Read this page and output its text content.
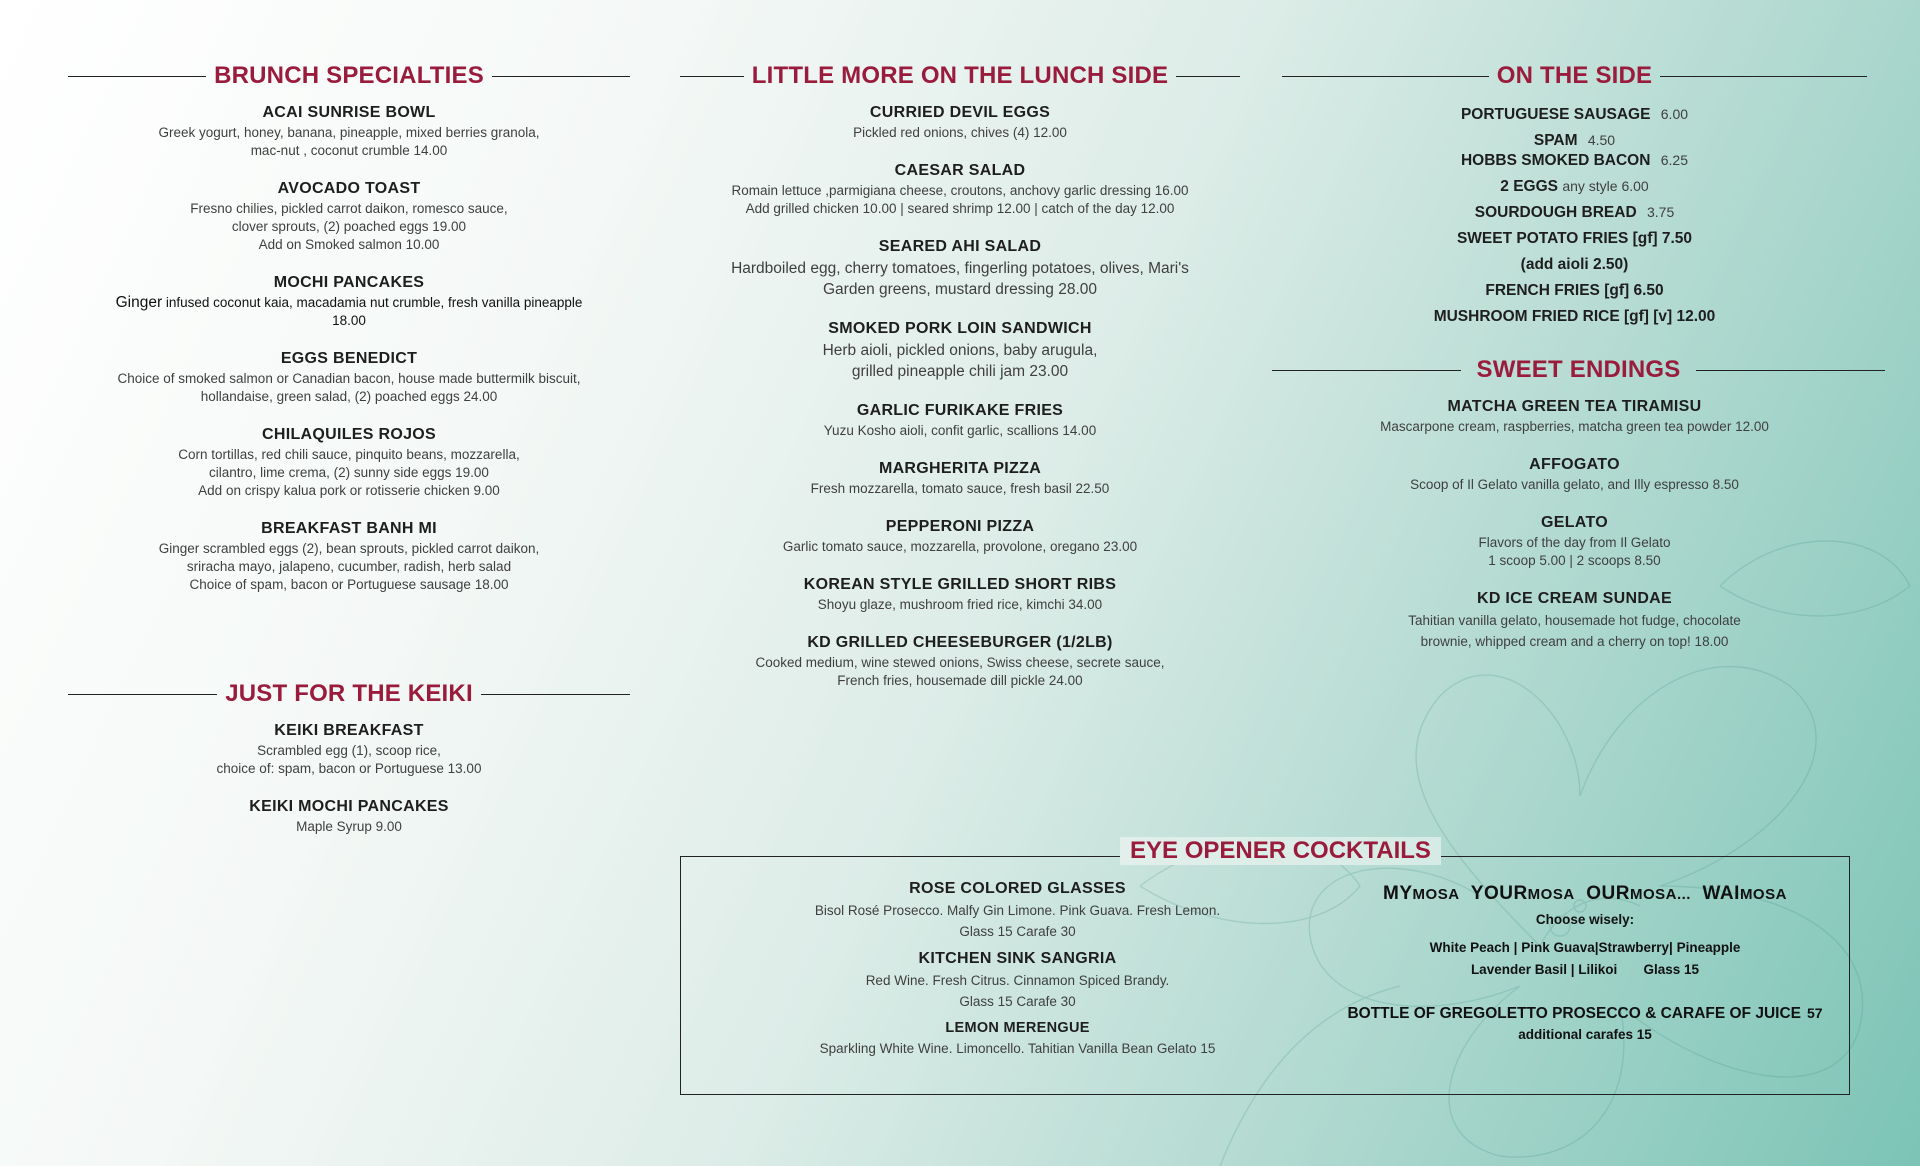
BRUNCH SPECIALTIES
ACAI SUNRISE BOWL
Greek yogurt, honey, banana, pineapple, mixed berries granola,
mac-nut , coconut crumble 14.00
AVOCADO TOAST
Fresno chilies, pickled carrot daikon, romesco sauce,
clover sprouts, (2) poached eggs 19.00
Add on Smoked salmon 10.00
MOCHI PANCAKES
Ginger infused coconut kaia, macadamia nut crumble, fresh vanilla pineapple
18.00
EGGS BENEDICT
Choice of smoked salmon or Canadian bacon, house made buttermilk biscuit,
hollandaise, green salad, (2) poached eggs 24.00
CHILAQUILES ROJOS
Corn tortillas, red chili sauce, pinquito beans, mozzarella,
cilantro, lime crema, (2) sunny side eggs 19.00
Add on crispy kalua pork or rotisserie chicken 9.00
BREAKFAST BANH MI
Ginger scrambled eggs (2), bean sprouts, pickled carrot daikon,
sriracha mayo, jalapeno, cucumber, radish, herb salad
Choice of spam, bacon or Portuguese sausage 18.00
JUST FOR THE KEIKI
KEIKI BREAKFAST
Scrambled egg (1), scoop rice,
choice of: spam, bacon or Portuguese 13.00
KEIKI MOCHI PANCAKES
Maple Syrup 9.00
LITTLE MORE ON THE LUNCH SIDE
CURRIED DEVIL EGGS
Pickled red onions, chives (4) 12.00
CAESAR SALAD
Romain lettuce ,parmigiana cheese, croutons, anchovy garlic dressing 16.00
Add grilled chicken 10.00 | seared shrimp 12.00 | catch of the day 12.00
SEARED AHI SALAD
Hardboiled egg, cherry tomatoes, fingerling potatoes, olives, Mari's
Garden greens, mustard dressing 28.00
SMOKED PORK LOIN SANDWICH
Herb aioli, pickled onions, baby arugula,
grilled pineapple chili jam 23.00
GARLIC FURIKAKE FRIES
Yuzu Kosho aioli, confit garlic, scallions 14.00
MARGHERITA PIZZA
Fresh mozzarella, tomato sauce, fresh basil 22.50
PEPPERONI PIZZA
Garlic tomato sauce, mozzarella, provolone, oregano 23.00
KOREAN STYLE GRILLED SHORT RIBS
Shoyu glaze, mushroom fried rice, kimchi 34.00
KD GRILLED CHEESEBURGER (1/2LB)
Cooked medium, wine stewed onions, Swiss cheese, secrete sauce,
French fries, housemade dill pickle 24.00
ON THE SIDE
PORTUGUESE SAUSAGE 6.00
SPAM 4.50
HOBBS SMOKED BACON 6.25
2 EGGS any style 6.00
SOURDOUGH BREAD 3.75
SWEET POTATO FRIES [gf] 7.50
(add aioli 2.50)
FRENCH FRIES [gf] 6.50
MUSHROOM FRIED RICE [gf] [v] 12.00
SWEET ENDINGS
MATCHA GREEN TEA TIRAMISU
Mascarpone cream, raspberries, matcha green tea powder 12.00
AFFOGATO
Scoop of Il Gelato vanilla gelato, and Illy espresso 8.50
GELATO
Flavors of the day from Il Gelato
1 scoop 5.00 | 2 scoops 8.50
KD ICE CREAM SUNDAE
Tahitian vanilla gelato, housemade hot fudge, chocolate
brownie, whipped cream and a cherry on top! 18.00
EYE OPENER COCKTAILS
ROSE COLORED GLASSES
Bisol Rosé Prosecco. Malfy Gin Limone. Pink Guava. Fresh Lemon.
Glass 15 Carafe 30
KITCHEN SINK SANGRIA
Red Wine. Fresh Citrus. Cinnamon Spiced Brandy.
Glass 15 Carafe 30
LEMON MERENGUE
Sparkling White Wine. Limoncello. Tahitian Vanilla Bean Gelato 15
MYMOSA YOURMOSA OURMOSA... WAIMOSA
Choose wisely:
White Peach | Pink Guava|Strawberry| Pineapple
Lavender Basil | Lilikoi       Glass 15
BOTTLE OF GREGOLETTO PROSECCO & CARAFE OF JUICE 57
additional carafes 15
